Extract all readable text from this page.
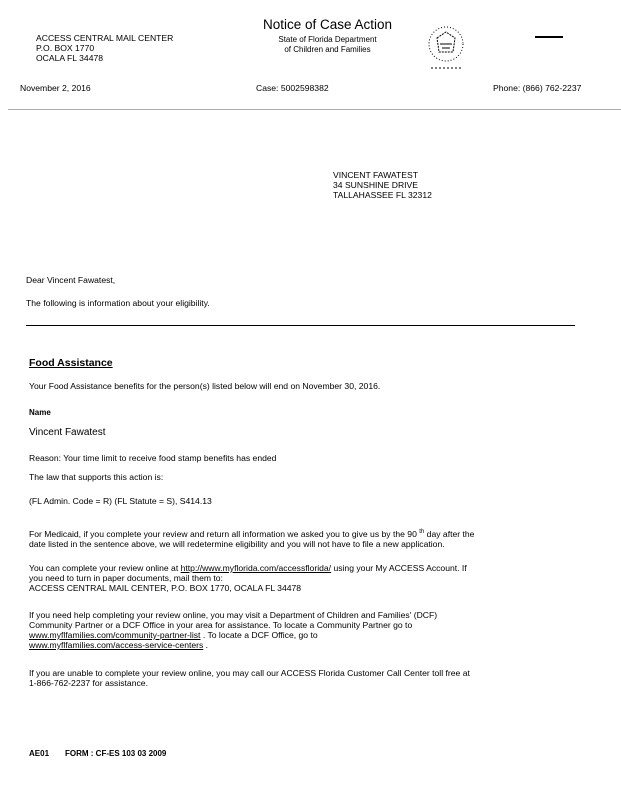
ACCESS CENTRAL MAIL CENTER
P.O. BOX 1770
OCALA FL 34478
Notice of Case Action
State of Florida Department
of Children and Families
November 2, 2016	Case: 5002598382	Phone: (866) 762-2237
VINCENT FAWATEST
34 SUNSHINE DRIVE
TALLAHASSEE FL 32312
Dear Vincent Fawatest,
The following is information about your eligibility.
Food Assistance
Your Food Assistance benefits for the person(s) listed below will end on November 30, 2016.
Name
Vincent Fawatest
Reason: Your time limit to receive food stamp benefits has ended
The law that supports this action is:
(FL Admin. Code = R) (FL Statute = S), S414.13
For Medicaid, if you complete your review and return all information we asked you to give us by the 90 $^{th}$ day after the
date listed in the sentence above, we will redetermine eligibility and you will not have to file a new application.
You can complete your review online at http://www.myflorida.com/accessflorida/ using your My ACCESS Account. If
you need to turn in paper documents, mail them to:
ACCESS CENTRAL MAIL CENTER, P.O. BOX 1770, OCALA FL 34478
If you need help completing your review online, you may visit a Department of Children and Families' (DCF)
Community Partner or a DCF Office in your area for assistance. To locate a Community Partner go to
www.myflfamilies.com/community-partner-list . To locate a DCF Office, go to
www.myflfamilies.com/access-service-centers .
If you are unable to complete your review online, you may call our ACCESS Florida Customer Call Center toll free at
1-866-762-2237 for assistance.
AE01 FORM : CF-ES 103 03 2009
